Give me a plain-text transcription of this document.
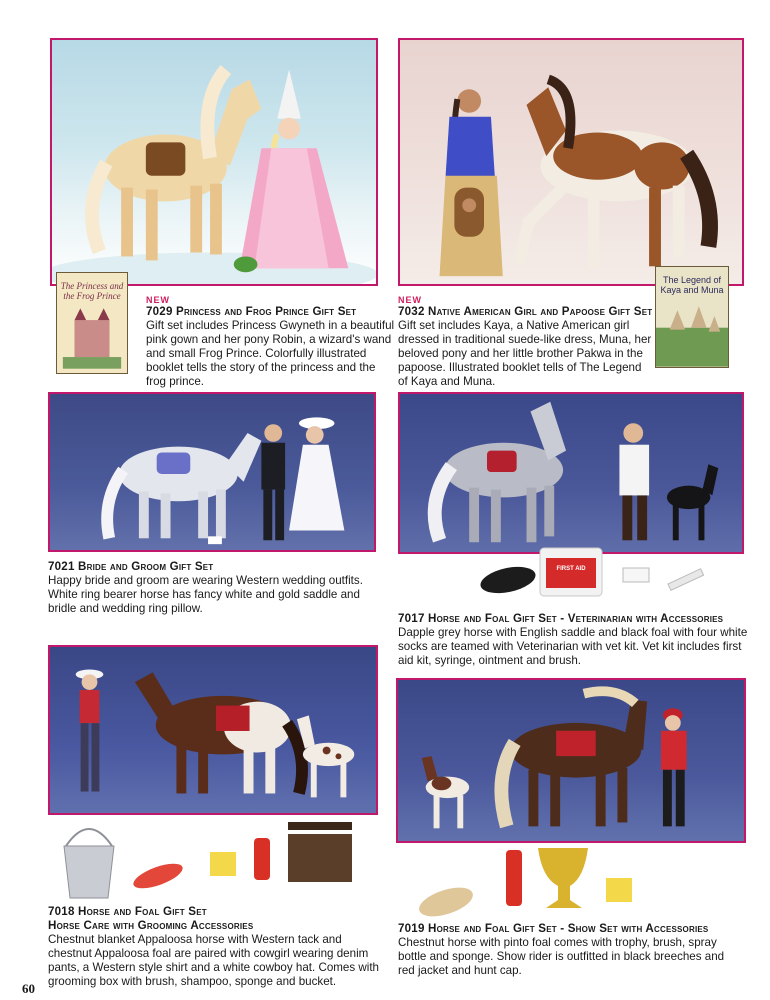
The Princess and the Frog Prince	NEW
7029 Princess and Frog Prince Gift Set
Gift set includes Princess Gwyneth in a beautiful pink gown and her pony Robin, a wizard's wand and small Frog Prince. Colorfully illustrated booklet tells the story of the princess and the frog prince.
The Legend of Kaya and Muna
NEW
7032 Native American Girl and Papoose Gift Set
Gift set includes Kaya, a Native American girl dressed in traditional suede-like dress, Muna, her beloved pony and her little brother Pakwa in the papoose. Illustrated booklet tells of The Legend of Kaya and Muna.
7021 Bride and Groom Gift Set
Happy bride and groom are wearing Western wedding outfits. White ring bearer horse has fancy white and gold saddle and bridle and wedding ring pillow.
FIRST AID
7017 Horse and Foal Gift Set - Veterinarian with Accessories
Dapple grey horse with English saddle and black foal with four white socks are teamed with Veterinarian with vet kit. Vet kit includes first aid kit, syringe, ointment and brush.
7018 Horse and Foal Gift Set
Horse Care with Grooming Accessories
Chestnut blanket Appaloosa horse with Western tack and chestnut Appaloosa foal are paired with cowgirl wearing denim pants, a Western style shirt and a white cowboy hat. Comes with grooming box with brush, shampoo, sponge and bucket.
7019 Horse and Foal Gift Set - Show Set with Accessories
Chestnut horse with pinto foal comes with trophy, brush, spray bottle and sponge. Show rider is outfitted in black breeches and red jacket and hunt cap.
60
